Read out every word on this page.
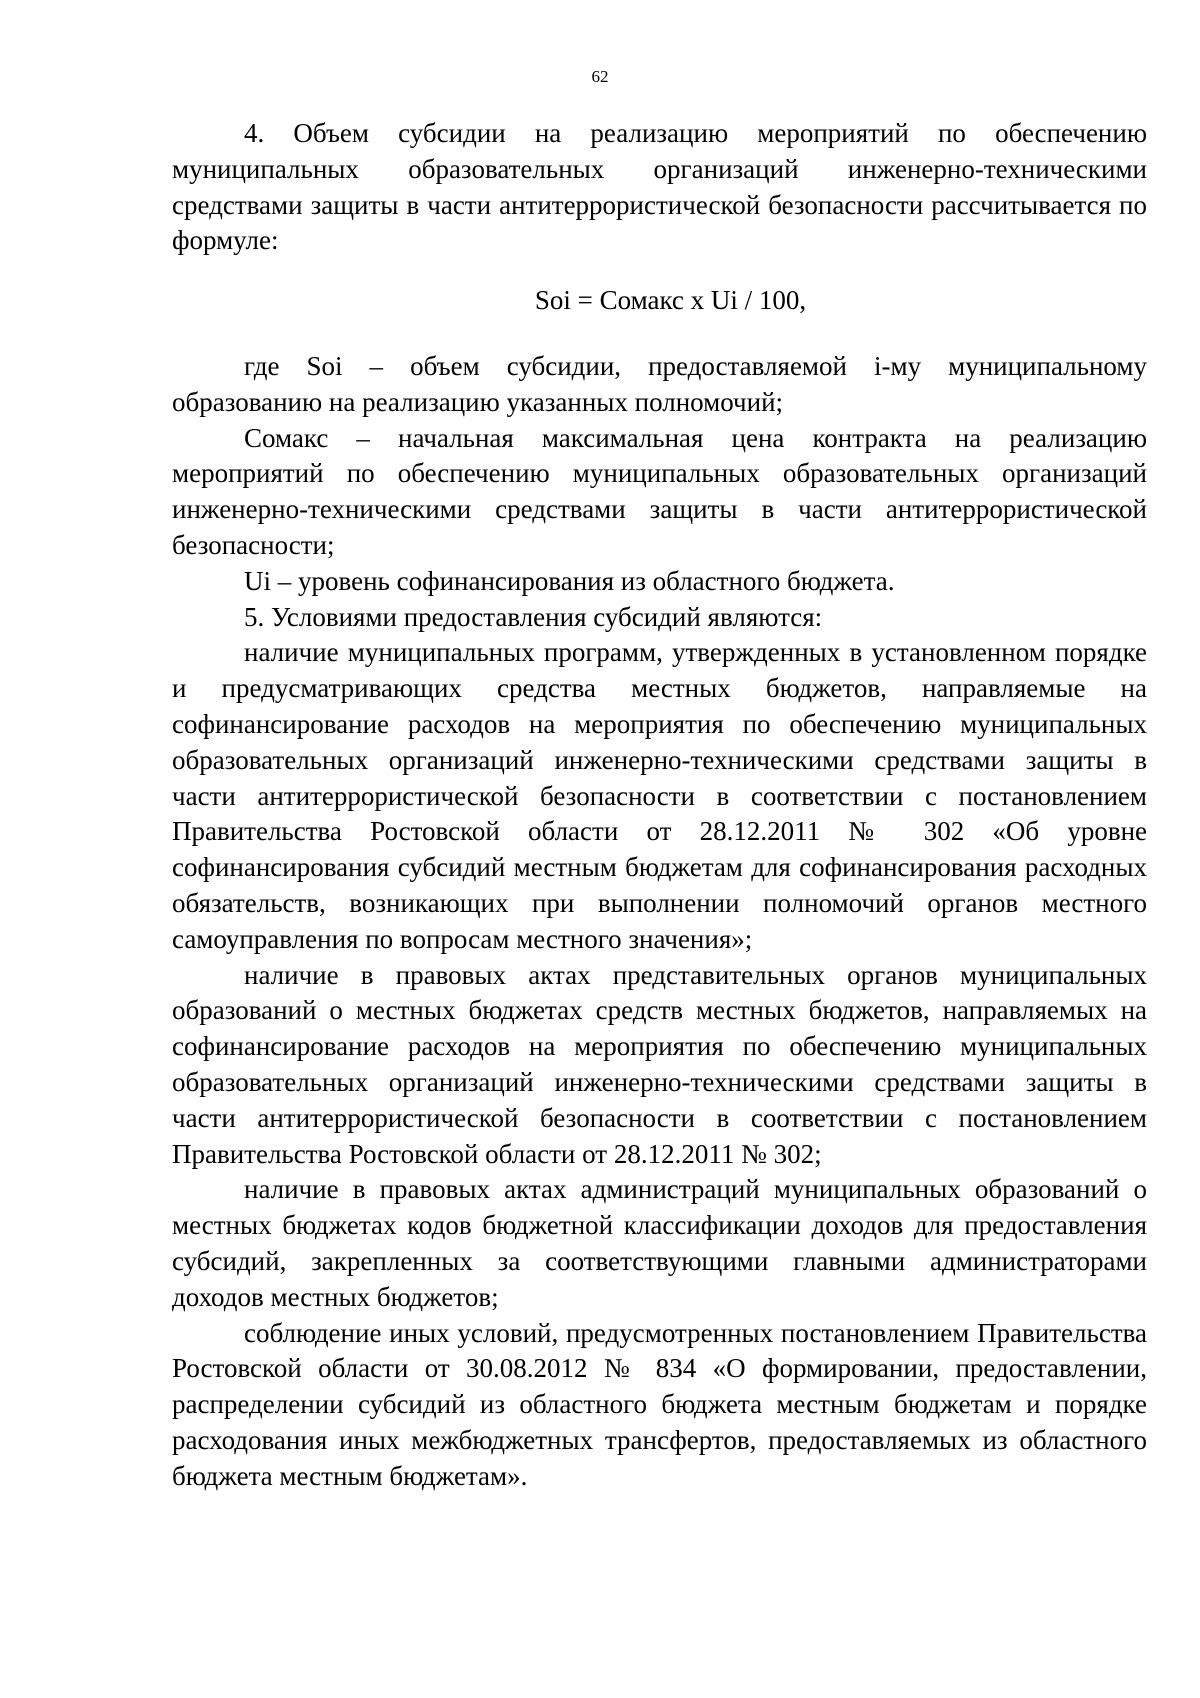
62

4. Объем субсидии на реализацию мероприятий по обеспечению муниципальных образовательных организаций инженерно-техническими средствами защиты в части антитеррористической безопасности рассчитывается по формуле:

Soi = Сомакс x Ui / 100,

где Soi – объем субсидии, предоставляемой i-му муниципальному образованию на реализацию указанных полномочий;

Сомакс – начальная максимальная цена контракта на реализацию мероприятий по обеспечению муниципальных образовательных организаций инженерно-техническими средствами защиты в части антитеррористической безопасности;

Ui – уровень софинансирования из областного бюджета.

5. Условиями предоставления субсидий являются:

наличие муниципальных программ, утвержденных в установленном порядке и предусматривающих средства местных бюджетов, направляемые на софинансирование расходов на мероприятия по обеспечению муниципальных образовательных организаций инженерно-техническими средствами защиты в части антитеррористической безопасности в соответствии с постановлением Правительства Ростовской области от 28.12.2011 № 302 «Об уровне софинансирования субсидий местным бюджетам для софинансирования расходных обязательств, возникающих при выполнении полномочий органов местного самоуправления по вопросам местного значения»;

наличие в правовых актах представительных органов муниципальных образований о местных бюджетах средств местных бюджетов, направляемых на софинансирование расходов на мероприятия по обеспечению муниципальных образовательных организаций инженерно-техническими средствами защиты в части антитеррористической безопасности в соответствии с постановлением Правительства Ростовской области от 28.12.2011 № 302;

наличие в правовых актах администраций муниципальных образований о местных бюджетах кодов бюджетной классификации доходов для предоставления субсидий, закрепленных за соответствующими главными администраторами доходов местных бюджетов;

соблюдение иных условий, предусмотренных постановлением Правительства Ростовской области от 30.08.2012 № 834 «О формировании, предоставлении, распределении субсидий из областного бюджета местным бюджетам и порядке расходования иных межбюджетных трансфертов, предоставляемых из областного бюджета местным бюджетам».
